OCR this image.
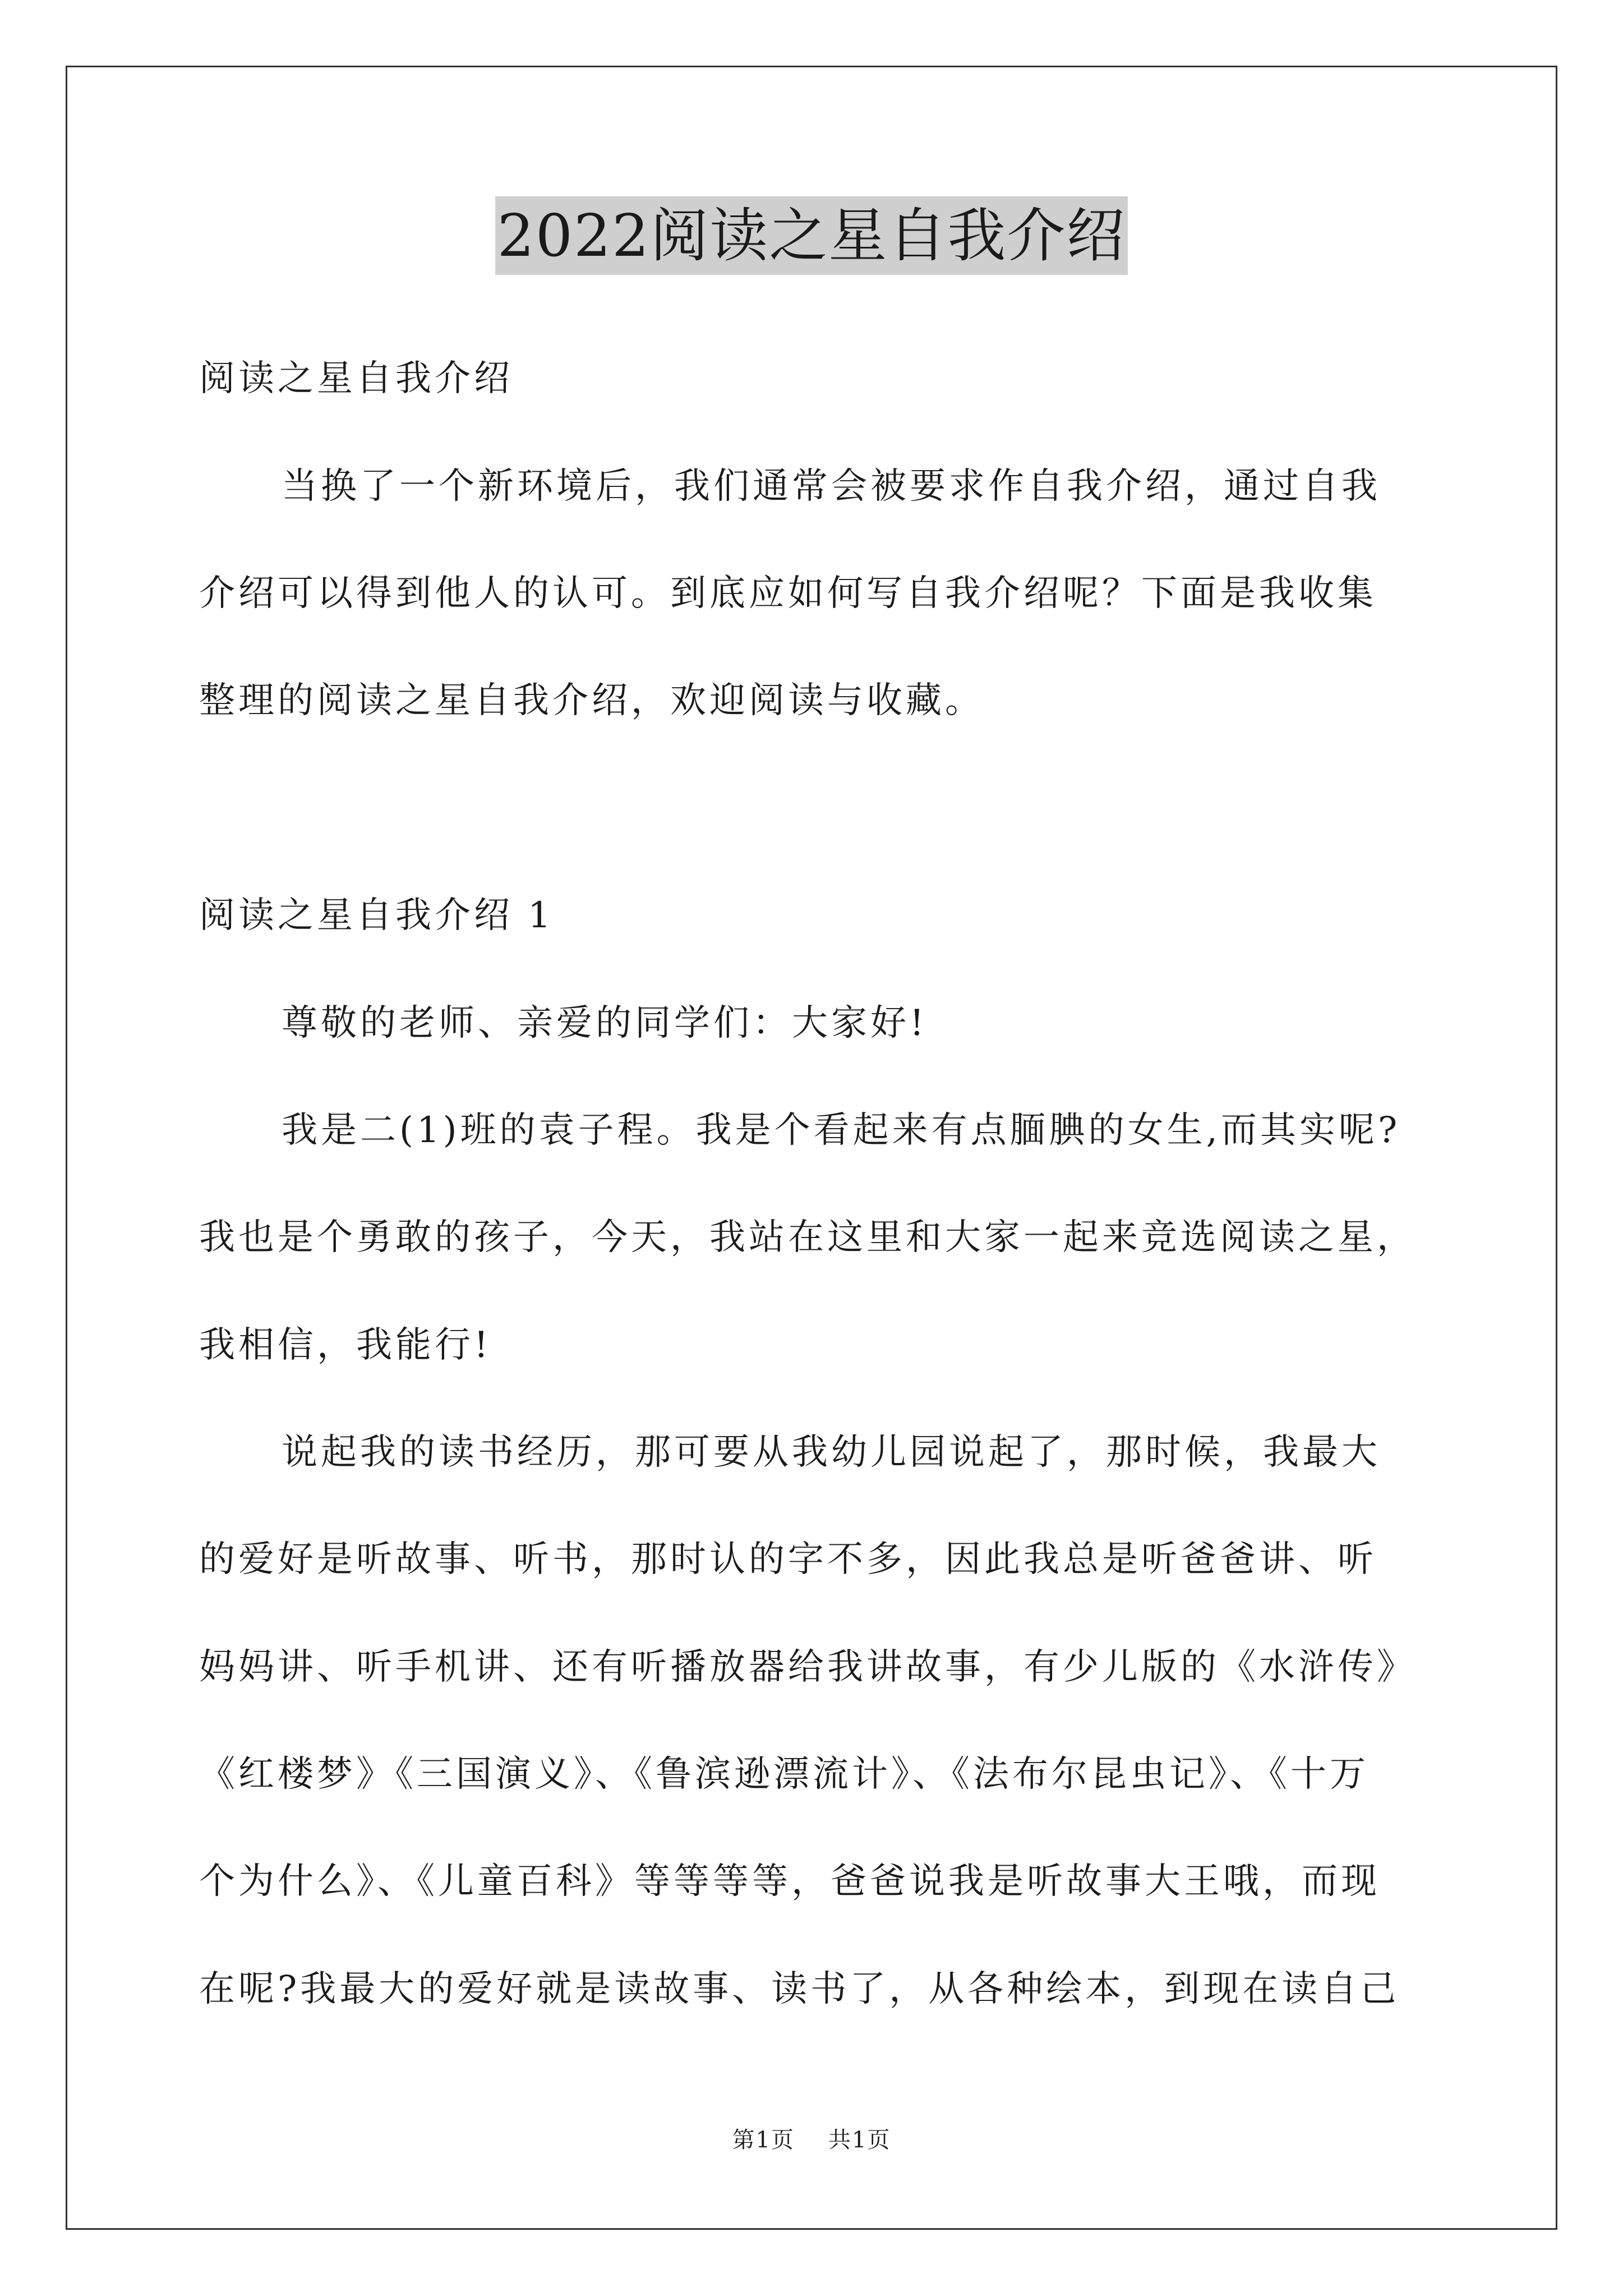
2022阅读之星自我介绍
阅读之星自我介绍
当换了一个新环境后，我们通常会被要求作自我介绍，通过自我
介绍可以得到他人的认可。到底应如何写自我介绍呢？下面是我收集
整理的阅读之星自我介绍，欢迎阅读与收藏。
阅读之星自我介绍 1
尊敬的老师、亲爱的同学们：大家好!
我是二(1)班的袁子程。我是个看起来有点腼腆的女生,而其实呢?
我也是个勇敢的孩子，今天，我站在这里和大家一起来竞选阅读之星，
我相信，我能行!
说起我的读书经历，那可要从我幼儿园说起了，那时候，我最大
的爱好是听故事、听书，那时认的字不多，因此我总是听爸爸讲、听
妈妈讲、听手机讲、还有听播放器给我讲故事，有少儿版的《水浒传》
《红楼梦》《三国演义》、《鲁滨逊漂流计》、《法布尔昆虫记》、《十万
个为什么》、《儿童百科》等等等等，爸爸说我是听故事大王哦，而现
在呢?我最大的爱好就是读故事、读书了，从各种绘本，到现在读自己
第1页 共1页
